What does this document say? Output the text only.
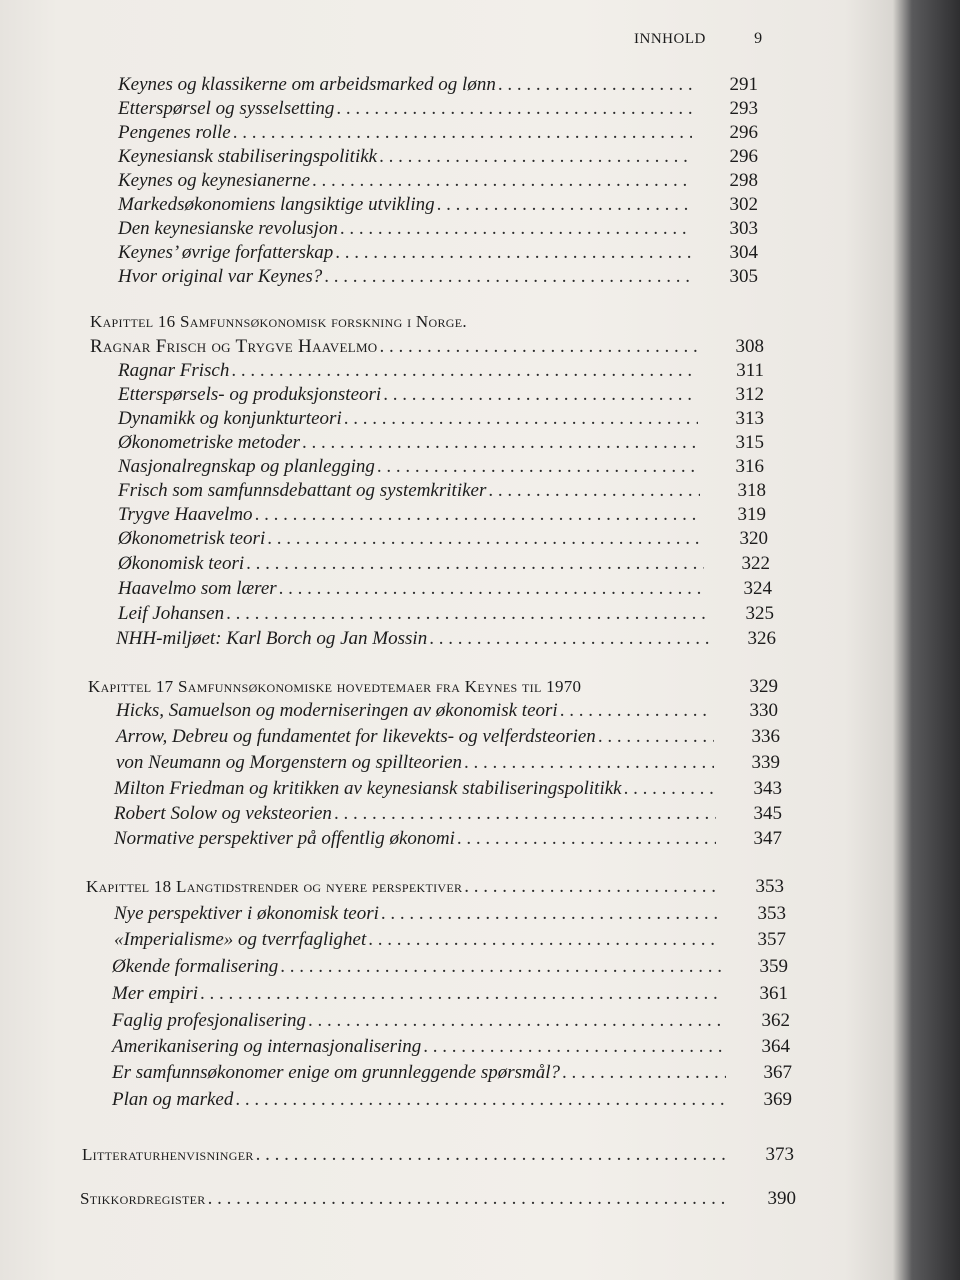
INNHOLD	9
Keynes og klassikerne om arbeidsmarked og lønn . . .	291
Etterspørsel og sysselsetting . . .	293
Pengenes rolle . . .	296
Keynesiansk stabiliseringspolitikk . . .	296
Keynes og keynesianerne . . .	298
Markedsøkonomiens langsiktige utvikling . . .	302
Den keynesianske revolusjon . . .	303
Keynes’ øvrige forfatterskap . . .	304
Hvor original var Keynes? . . .	305
Kapittel 16 Samfunnsøkonomisk forskning i Norge.
Ragnar Frisch og Trygve Haavelmo . . .	308
Ragnar Frisch . . .	311
Etterspørsels- og produksjonsteori . . .	312
Dynamikk og konjunkturteori . . .	313
Økonometriske metoder . . .	315
Nasjonalregnskap og planlegging . . .	316
Frisch som samfunnsdebattant og systemkritiker . . .	318
Trygve Haavelmo . . .	319
Økonometrisk teori . . .	320
Økonomisk teori . . .	322
Haavelmo som lærer . . .	324
Leif Johansen . . .	325
NHH-miljøet: Karl Borch og Jan Mossin . . .	326
Kapittel 17 Samfunnsøkonomiske hovedtemaer fra Keynes til 1970	329
Hicks, Samuelson og moderniseringen av økonomisk teori . . .	330
Arrow, Debreu og fundamentet for likevekts- og velferdsteorien . . .	336
von Neumann og Morgenstern og spillteorien . . .	339
Milton Friedman og kritikken av keynesiansk stabiliseringspolitikk . . .	343
Robert Solow og veksteorien . . .	345
Normative perspektiver på offentlig økonomi . . .	347
Kapittel 18 Langtidstrender og nyere perspektiver . . .	353
Nye perspektiver i økonomisk teori . . .	353
«Imperialisme» og tverrfaglighet . . .	357
Økende formalisering . . .	359
Mer empiri . . .	361
Faglig profesjonalisering . . .	362
Amerikanisering og internasjonalisering . . .	364
Er samfunnsøkonomer enige om grunnleggende spørsmål? . . .	367
Plan og marked . . .	369
Litteraturhenvisninger . . .	373
Stikkordregister . . .	390
